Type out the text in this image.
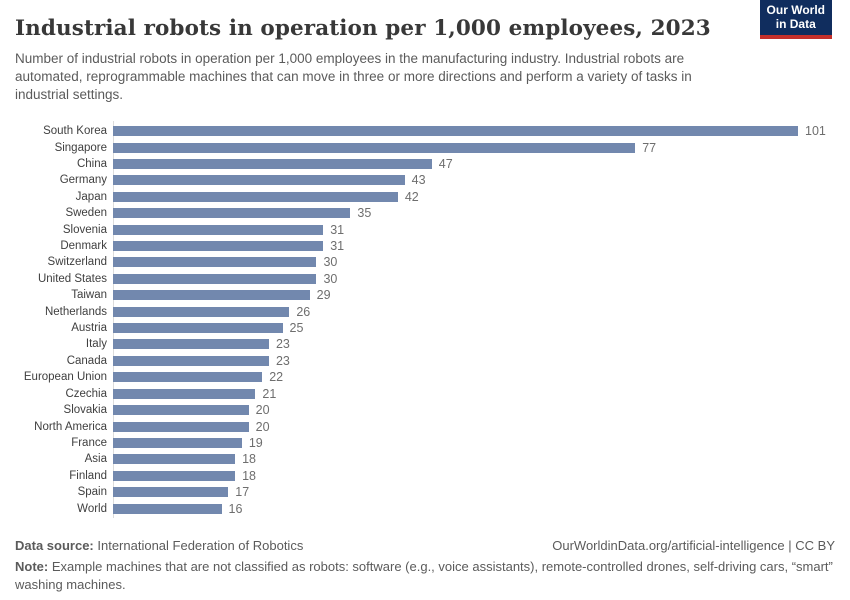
Industrial robots in operation per 1,000 employees, 2023
Our World
in Data
Number of industrial robots in operation per 1,000 employees in the manufacturing industry. Industrial robots are automated, reprogrammable machines that can move in three or more directions and perform a variety of tasks in industrial settings.
South Korea	101
Singapore	77
China	47
Germany	43
Japan	42
Sweden	35
Slovenia	31
Denmark	31
Switzerland	30
United States	30
Taiwan	29
Netherlands	26
Austria	25
Italy	23
Canada	23
European Union	22
Czechia	21
Slovakia	20
North America	20
France	19
Asia	18
Finland	18
Spain	17
World	16
Data source: International Federation of Robotics	OurWorldinData.org/artificial-intelligence | CC BY
Note: Example machines that are not classified as robots: software (e.g., voice assistants), remote-controlled drones, self-driving cars, “smart” washing machines.
